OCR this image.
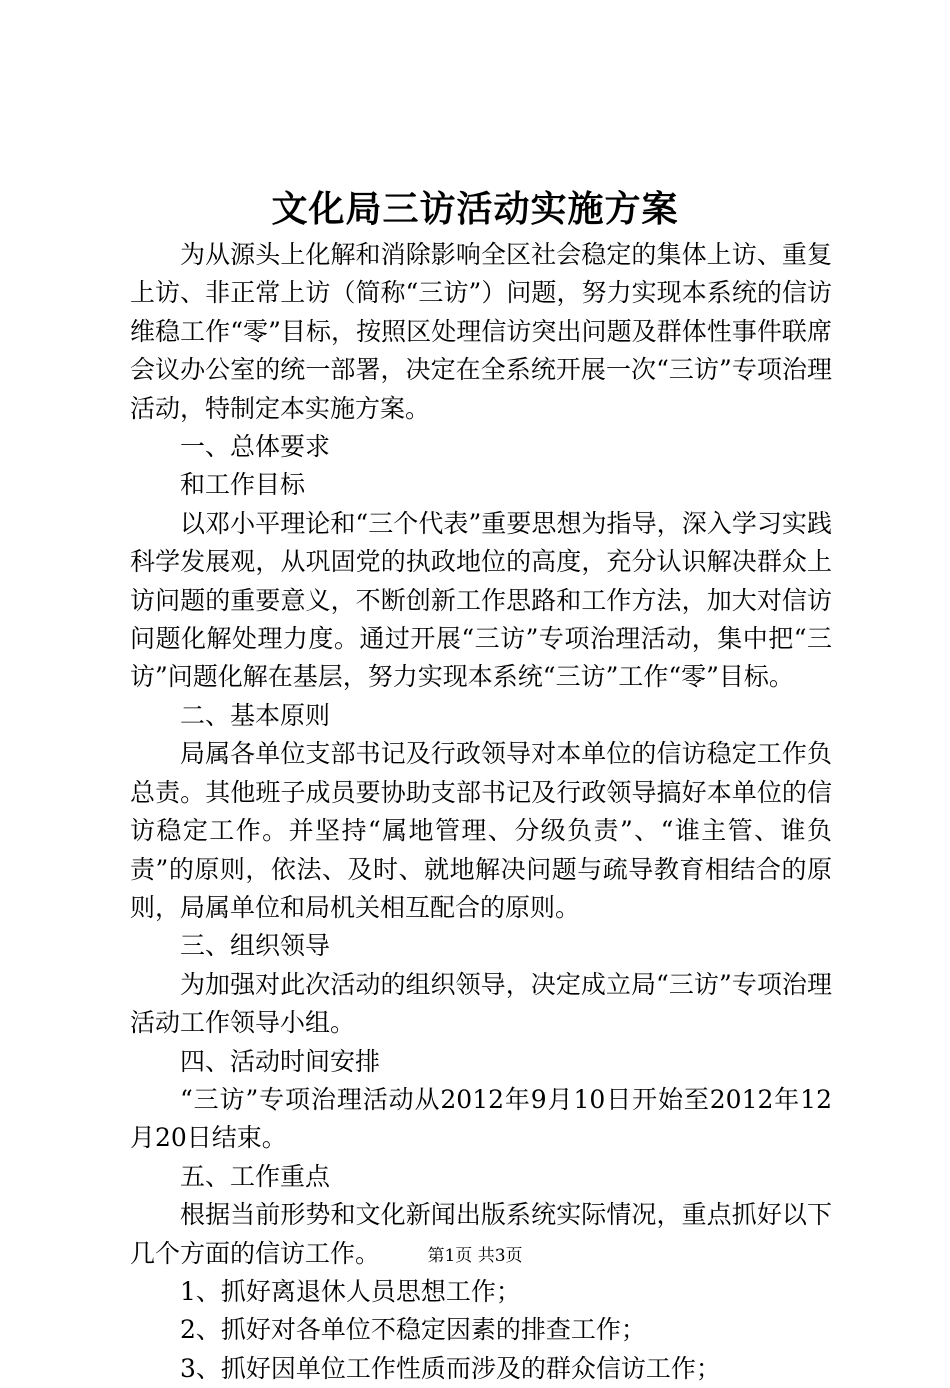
文化局三访活动实施方案

为从源头上化解和消除影响全区社会稳定的集体上访、重复上访、非正常上访（简称“三访”）问题，努力实现本系统的信访维稳工作“零”目标，按照区处理信访突出问题及群体性事件联席会议办公室的统一部署，决定在全系统开展一次“三访”专项治理活动，特制定本实施方案。

一、总体要求

和工作目标

以邓小平理论和“三个代表”重要思想为指导，深入学习实践科学发展观，从巩固党的执政地位的高度，充分认识解决群众上访问题的重要意义，不断创新工作思路和工作方法，加大对信访问题化解处理力度。通过开展“三访”专项治理活动，集中把“三访”问题化解在基层，努力实现本系统“三访”工作“零”目标。

二、基本原则

局属各单位支部书记及行政领导对本单位的信访稳定工作负总责。其他班子成员要协助支部书记及行政领导搞好本单位的信访稳定工作。并坚持“属地管理、分级负责”、“谁主管、谁负责”的原则，依法、及时、就地解决问题与疏导教育相结合的原则，局属单位和局机关相互配合的原则。

三、组织领导

为加强对此次活动的组织领导，决定成立局“三访”专项治理活动工作领导小组。

四、活动时间安排

“三访”专项治理活动从2012年9月10日开始至2012年12月20日结束。

五、工作重点

根据当前形势和文化新闻出版系统实际情况，重点抓好以下几个方面的信访工作。

1、抓好离退休人员思想工作；

2、抓好对各单位不稳定因素的排查工作；

3、抓好因单位工作性质而涉及的群众信访工作；

第1页 共3页
